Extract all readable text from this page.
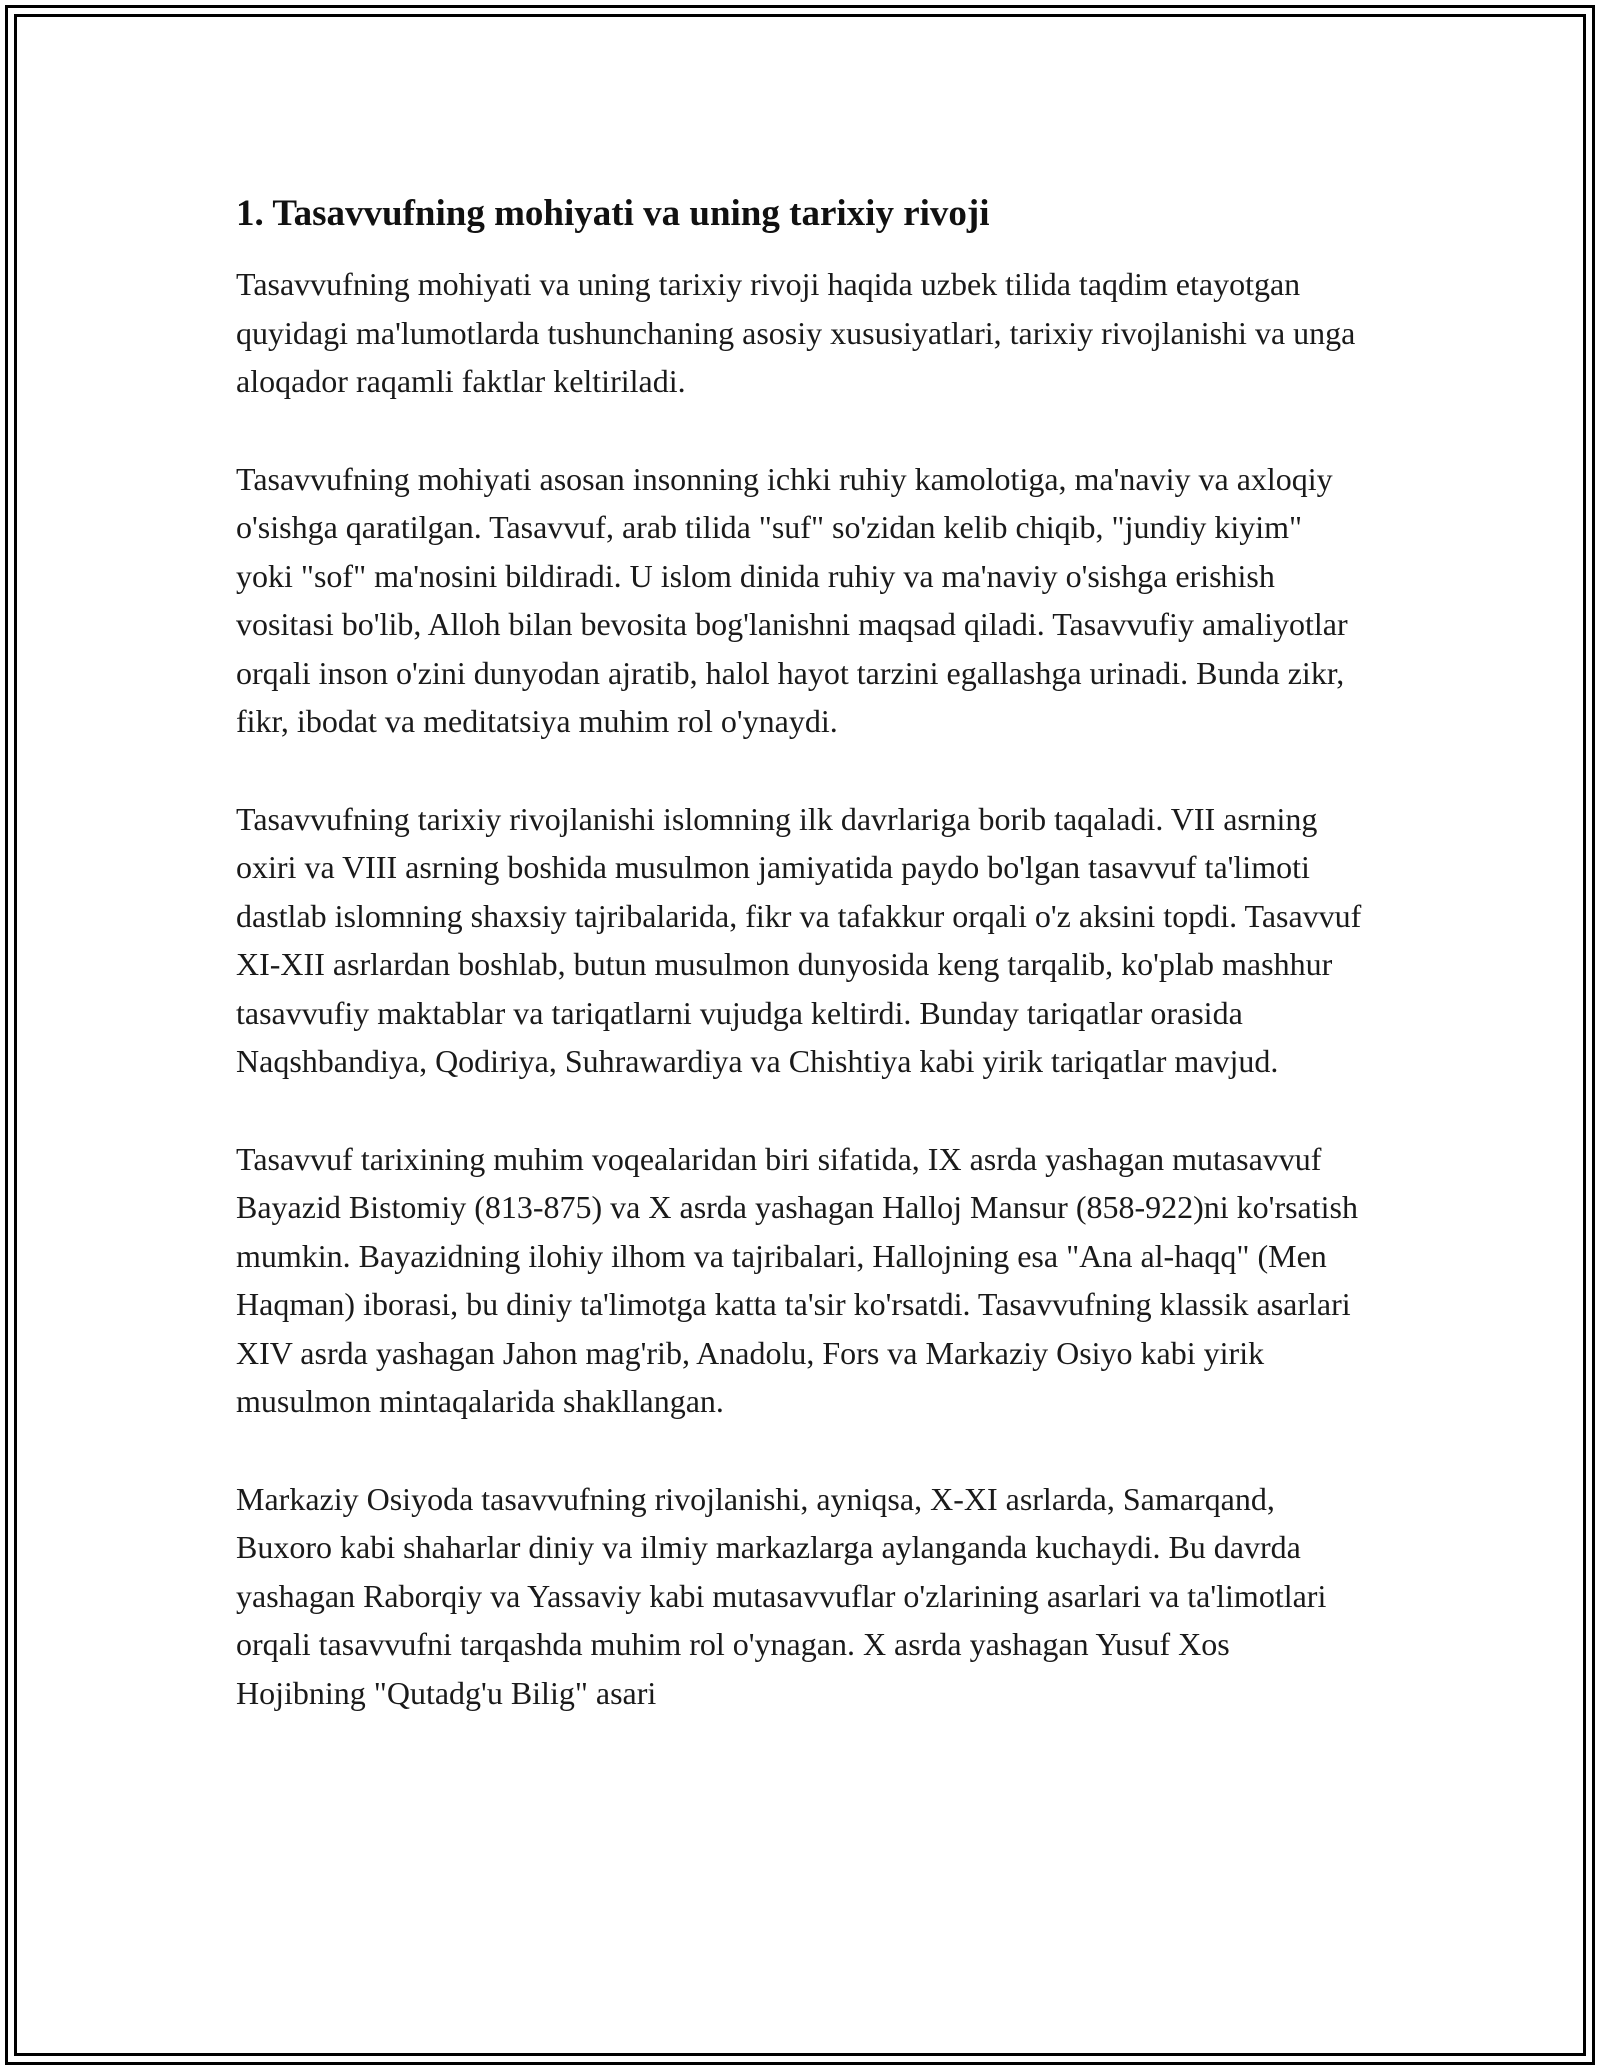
1. Tasavvufning mohiyati va uning tarixiy rivoji

Tasavvufning mohiyati va uning tarixiy rivoji haqida uzbek tilida taqdim etayotgan quyidagi ma'lumotlarda tushunchaning asosiy xususiyatlari, tarixiy rivojlanishi va unga aloqador raqamli faktlar keltiriladi.

Tasavvufning mohiyati asosan insonning ichki ruhiy kamolotiga, ma'naviy va axloqiy o'sishga qaratilgan. Tasavvuf, arab tilida "suf" so'zidan kelib chiqib, "jundiy kiyim" yoki "sof" ma'nosini bildiradi. U islom dinida ruhiy va ma'naviy o'sishga erishish vositasi bo'lib, Alloh bilan bevosita bog'lanishni maqsad qiladi. Tasavvufiy amaliyotlar orqali inson o'zini dunyodan ajratib, halol hayot tarzini egallashga urinadi. Bunda zikr, fikr, ibodat va meditatsiya muhim rol o'ynaydi.

Tasavvufning tarixiy rivojlanishi islomning ilk davrlariga borib taqaladi. VII asrning oxiri va VIII asrning boshida musulmon jamiyatida paydo bo'lgan tasavvuf ta'limoti dastlab islomning shaxsiy tajribalarida, fikr va tafakkur orqali o'z aksini topdi. Tasavvuf XI-XII asrlardan boshlab, butun musulmon dunyosida keng tarqalib, ko'plab mashhur tasavvufiy maktablar va tariqatlarni vujudga keltirdi. Bunday tariqatlar orasida Naqshbandiya, Qodiriya, Suhrawardiya va Chishtiya kabi yirik tariqatlar mavjud.

Tasavvuf tarixining muhim voqealaridan biri sifatida, IX asrda yashagan mutasavvuf Bayazid Bistomiy (813-875) va X asrda yashagan Halloj Mansur (858-922)ni ko'rsatish mumkin. Bayazidning ilohiy ilhom va tajribalari, Hallojning esa "Ana al-haqq" (Men Haqman) iborasi, bu diniy ta'limotga katta ta'sir ko'rsatdi. Tasavvufning klassik asarlari XIV asrda yashagan Jahon mag'rib, Anadolu, Fors va Markaziy Osiyo kabi yirik musulmon mintaqalarida shakllangan.

Markaziy Osiyoda tasavvufning rivojlanishi, ayniqsa, X-XI asrlarda, Samarqand, Buxoro kabi shaharlar diniy va ilmiy markazlarga aylanganda kuchaydi. Bu davrda yashagan Raborqiy va Yassaviy kabi mutasavvuflar o'zlarining asarlari va ta'limotlari orqali tasavvufni tarqashda muhim rol o'ynagan. X asrda yashagan Yusuf Xos Hojibning "Qutadg'u Bilig" asari
